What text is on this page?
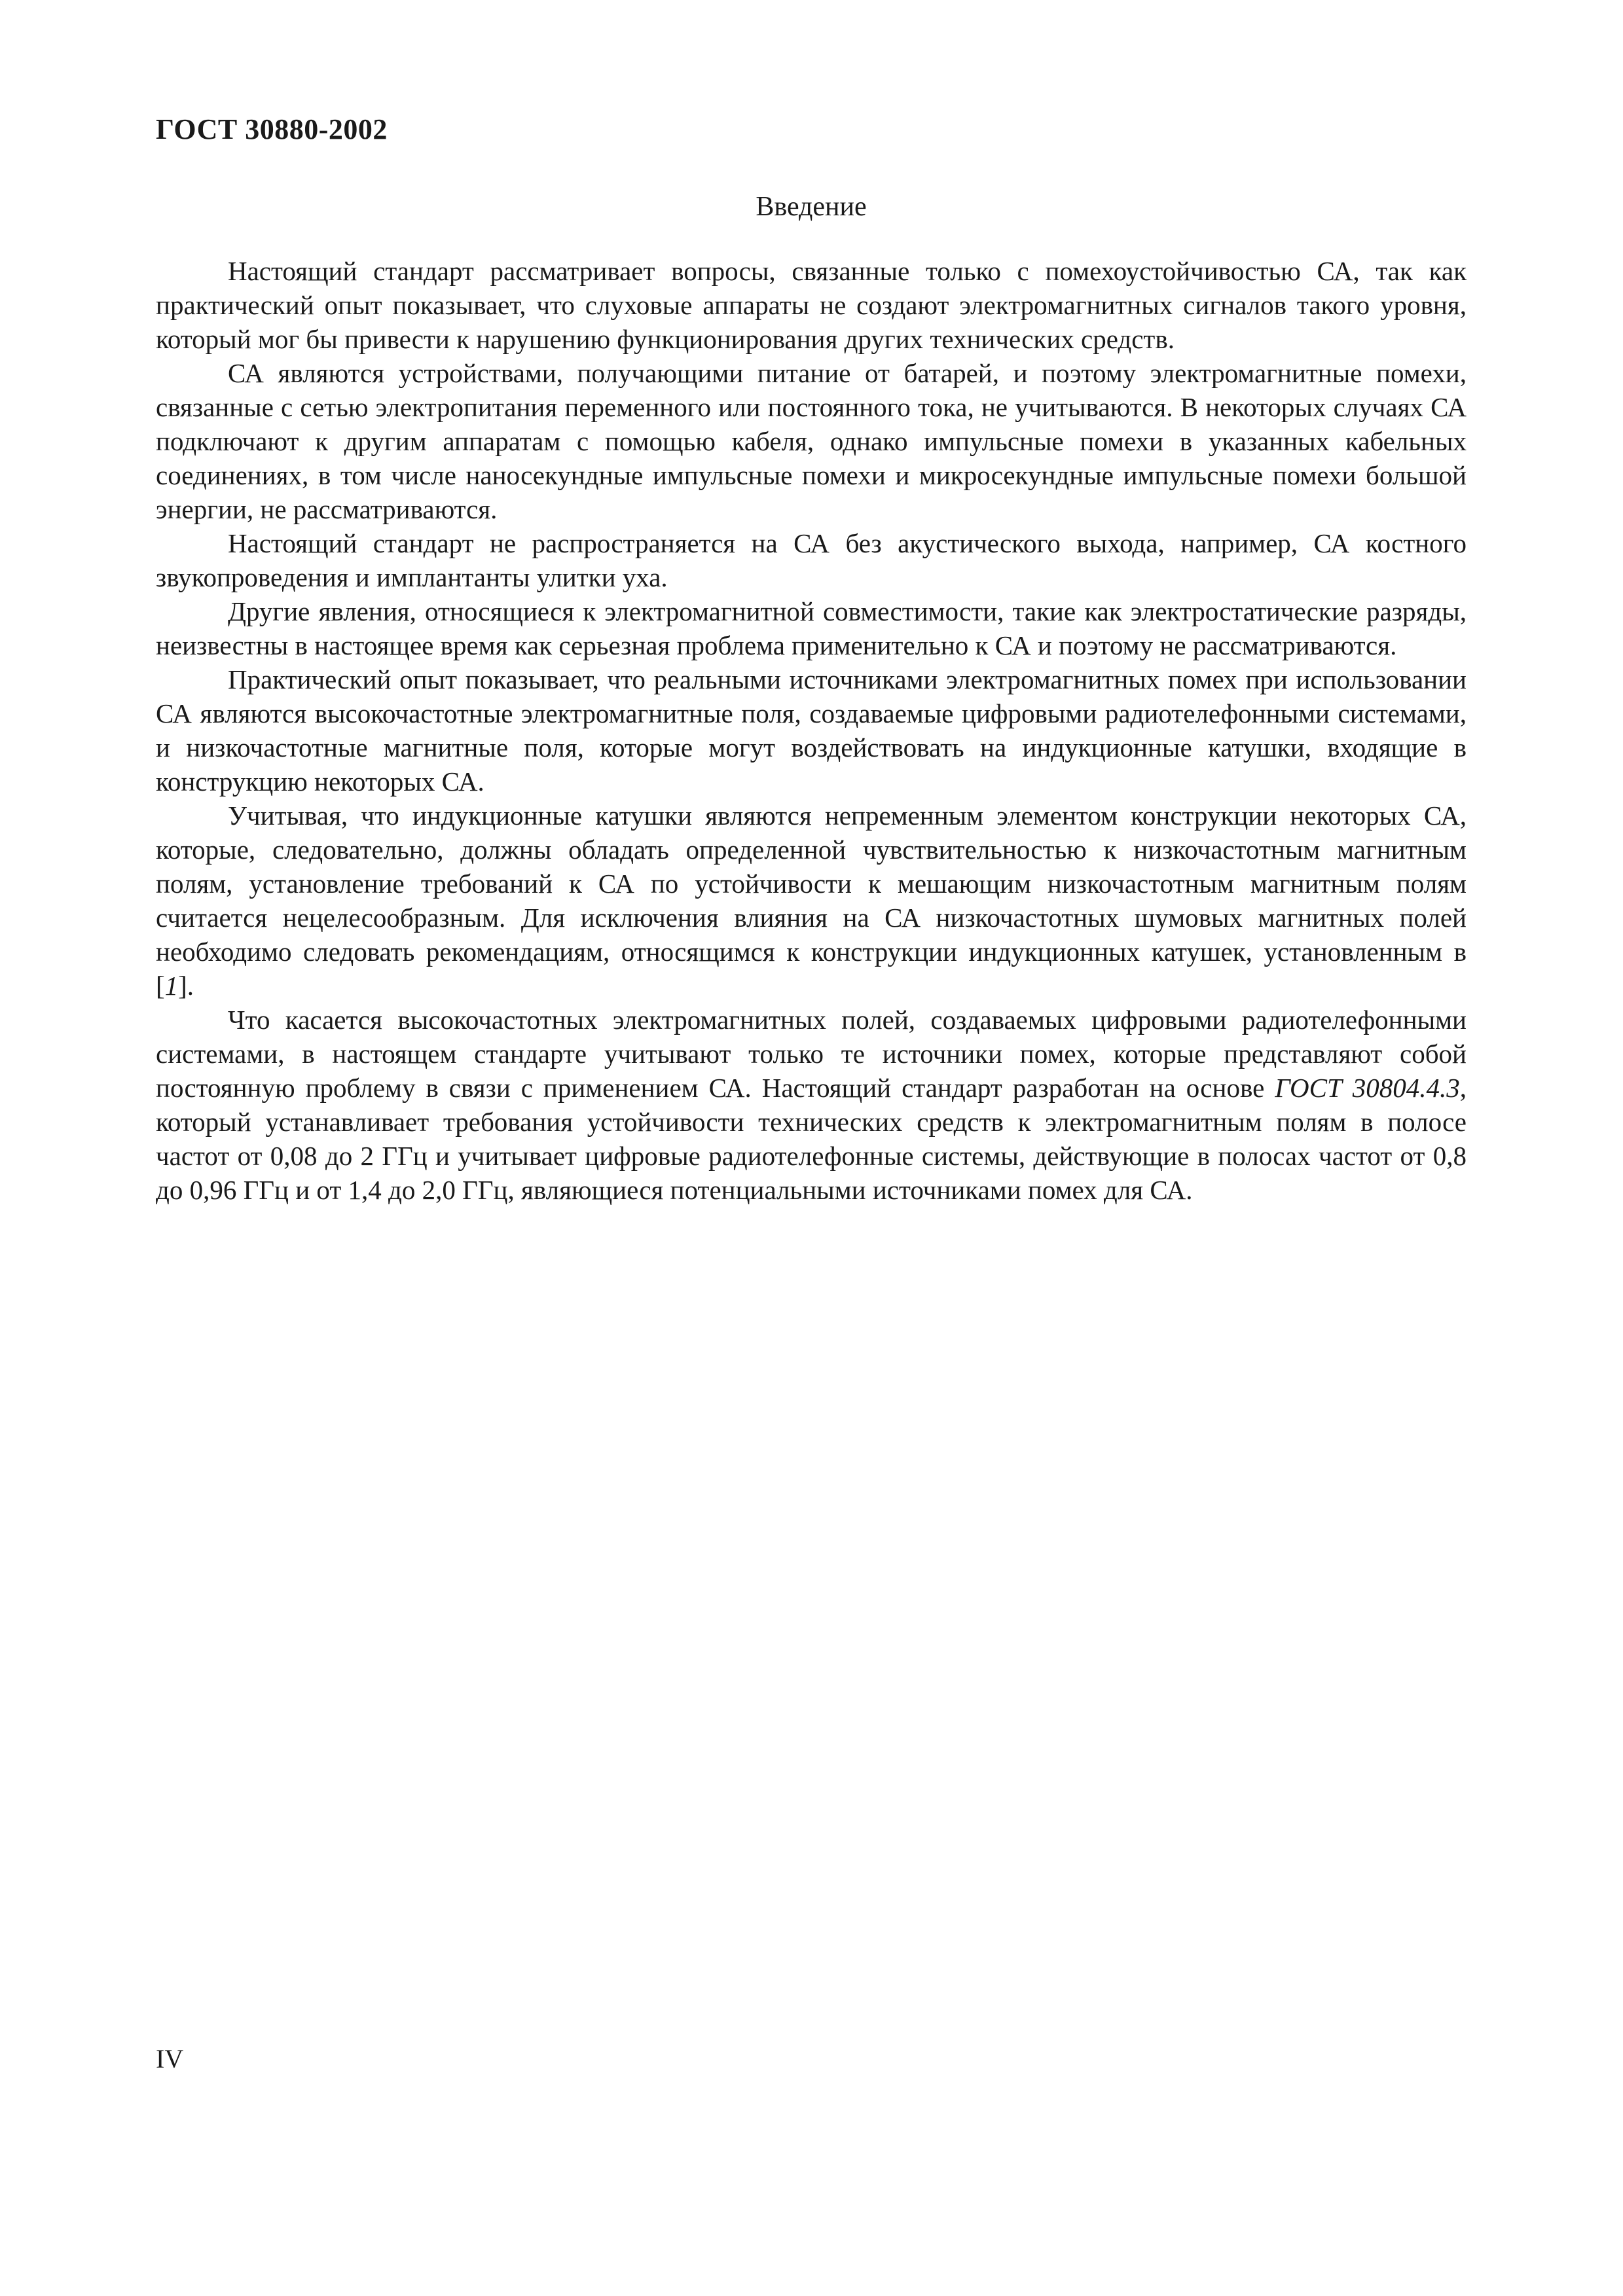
ГОСТ 30880-2002

Введение

Настоящий стандарт рассматривает вопросы, связанные только с помехоустойчивостью СА, так как практический опыт показывает, что слуховые аппараты не создают электромагнитных сигналов такого уровня, который мог бы привести к нарушению функционирования других технических средств.

СА являются устройствами, получающими питание от батарей, и поэтому электромагнитные помехи, связанные с сетью электропитания переменного или постоянного тока, не учитываются. В некоторых случаях СА подключают к другим аппаратам с помощью кабеля, однако импульсные помехи в указанных кабельных соединениях, в том числе наносекундные импульсные помехи и микросекундные импульсные помехи большой энергии, не рассматриваются.

Настоящий стандарт не распространяется на СА без акустического выхода, например, СА костного звукопроведения и имплантанты улитки уха.

Другие явления, относящиеся к электромагнитной совместимости, такие как электростатические разряды, неизвестны в настоящее время как серьезная проблема применительно к СА и поэтому не рассматриваются.

Практический опыт показывает, что реальными источниками электромагнитных помех при использовании СА являются высокочастотные электромагнитные поля, создаваемые цифровыми радиотелефонными системами, и низкочастотные магнитные поля, которые могут воздействовать на индукционные катушки, входящие в конструкцию некоторых СА.

Учитывая, что индукционные катушки являются непременным элементом конструкции некоторых СА, которые, следовательно, должны обладать определенной чувствительностью к низкочастотным магнитным полям, установление требований к СА по устойчивости к мешающим низкочастотным магнитным полям считается нецелесообразным. Для исключения влияния на СА низкочастотных шумовых магнитных полей необходимо следовать рекомендациям, относящимся к конструкции индукционных катушек, установленным в [1].

Что касается высокочастотных электромагнитных полей, создаваемых цифровыми радиотелефонными системами, в настоящем стандарте учитывают только те источники помех, которые представляют собой постоянную проблему в связи с применением СА. Настоящий стандарт разработан на основе ГОСТ 30804.4.3, который устанавливает требования устойчивости технических средств к электромагнитным полям в полосе частот от 0,08 до 2 ГГц и учитывает цифровые радиотелефонные системы, действующие в полосах частот от 0,8 до 0,96 ГГц и от 1,4 до 2,0 ГГц, являющиеся потенциальными источниками помех для СА.

IV
